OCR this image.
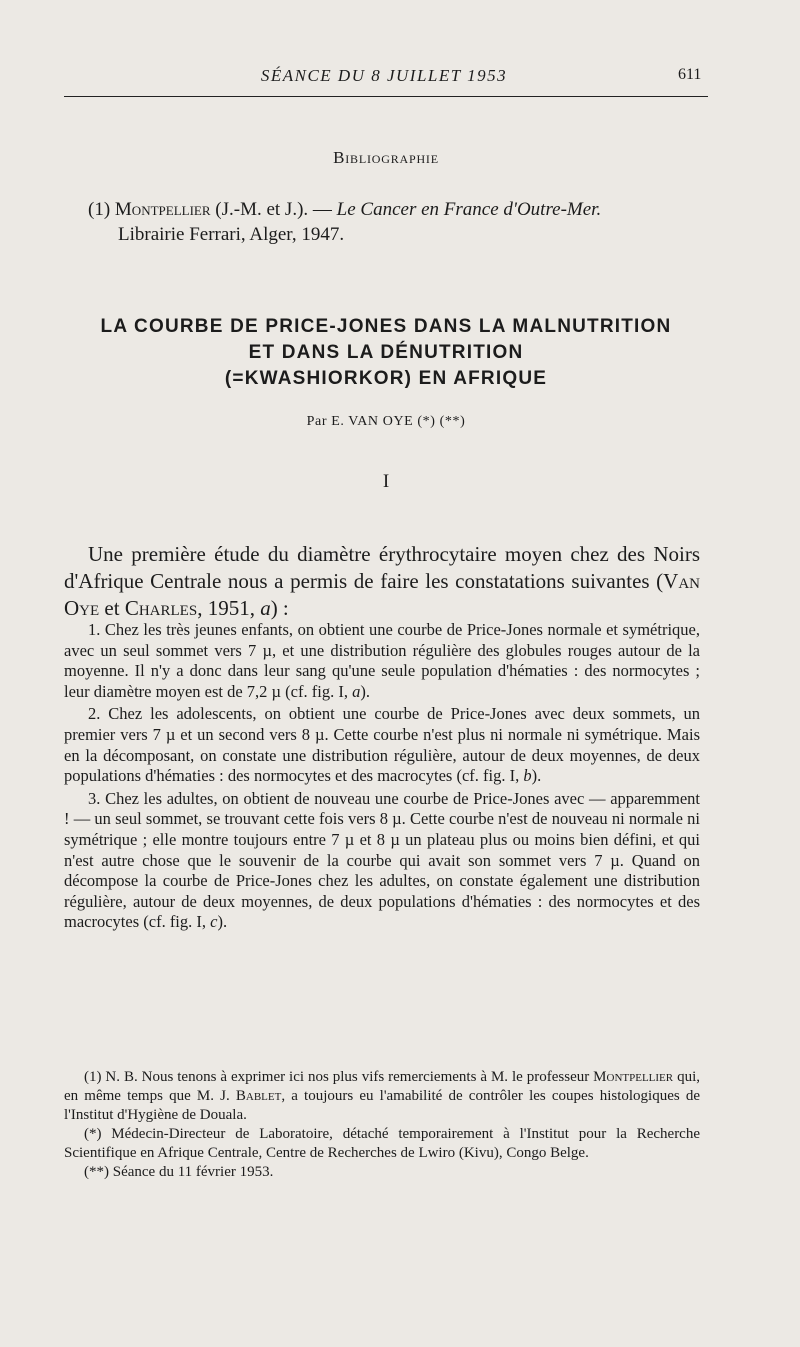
SÉANCE DU 8 JUILLET 1953	611
Bibliographie
(1) Montpellier (J.-M. et J.). — Le Cancer en France d'Outre-Mer.
Librairie Ferrari, Alger, 1947.
LA COURBE DE PRICE-JONES DANS LA MALNUTRITION
ET DANS LA DÉNUTRITION
(=KWASHIORKOR) EN AFRIQUE
Par E. VAN OYE (*) (**)
I

Une première étude du diamètre érythrocytaire moyen chez des Noirs d'Afrique Centrale nous a permis de faire les constatations suivantes (Van Oye et Charles, 1951, a) :

1. Chez les très jeunes enfants, on obtient une courbe de Price-Jones normale et symétrique, avec un seul sommet vers 7 µ, et une distribution régulière des globules rouges autour de la moyenne. Il n'y a donc dans leur sang qu'une seule population d'hématies : des normocytes ; leur diamètre moyen est de 7,2 µ (cf. fig. I, a).

2. Chez les adolescents, on obtient une courbe de Price-Jones avec deux sommets, un premier vers 7 µ et un second vers 8 µ. Cette courbe n'est plus ni normale ni symétrique. Mais en la décomposant, on constate une distribution régulière, autour de deux moyennes, de deux populations d'hématies : des normocytes et des macrocytes (cf. fig. I, b).

3. Chez les adultes, on obtient de nouveau une courbe de Price-Jones avec — apparemment ! — un seul sommet, se trouvant cette fois vers 8 µ. Cette courbe n'est de nouveau ni normale ni symétrique ; elle montre toujours entre 7 µ et 8 µ un plateau plus ou moins bien défini, et qui n'est autre chose que le souvenir de la courbe qui avait son sommet vers 7 µ. Quand on décompose la courbe de Price-Jones chez les adultes, on constate également une distribution régulière, autour de deux moyennes, de deux populations d'hématies : des normocytes et des macrocytes (cf. fig. I, c).

(1) N. B. Nous tenons à exprimer ici nos plus vifs remerciements à M. le professeur Montpellier qui, en même temps que M. J. Bablet, a toujours eu l'amabilité de contrôler les coupes histologiques de l'Institut d'Hygiène de Douala.

(*) Médecin-Directeur de Laboratoire, détaché temporairement à l'Institut pour la Recherche Scientifique en Afrique Centrale, Centre de Recherches de Lwiro (Kivu), Congo Belge.

(**) Séance du 11 février 1953.
